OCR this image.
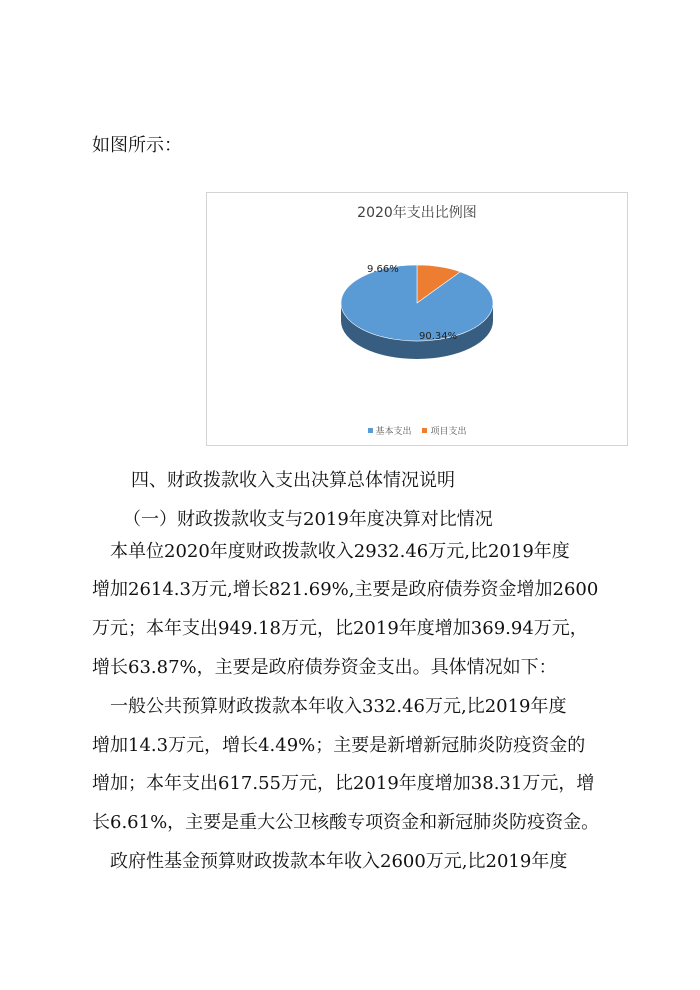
如图所示：
2020年支出比例图
9.66%
90.34%
基本支出 项目支出
四、财政拨款收入支出决算总体情况说明
（一）财政拨款收支与2019年度决算对比情况
　本单位2020年度财政拨款收入2932.46万元,比2019年度
增加2614.3万元,增长821.69%,主要是政府债券资金增加2600
万元；本年支出949.18万元，比2019年度增加369.94万元，
增长63.87%，主要是政府债券资金支出。具体情况如下：
　一般公共预算财政拨款本年收入332.46万元,比2019年度
增加14.3万元，增长4.49%；主要是新增新冠肺炎防疫资金的
增加；本年支出617.55万元，比2019年度增加38.31万元，增
长6.61%，主要是重大公卫核酸专项资金和新冠肺炎防疫资金。
　政府性基金预算财政拨款本年收入2600万元,比2019年度
